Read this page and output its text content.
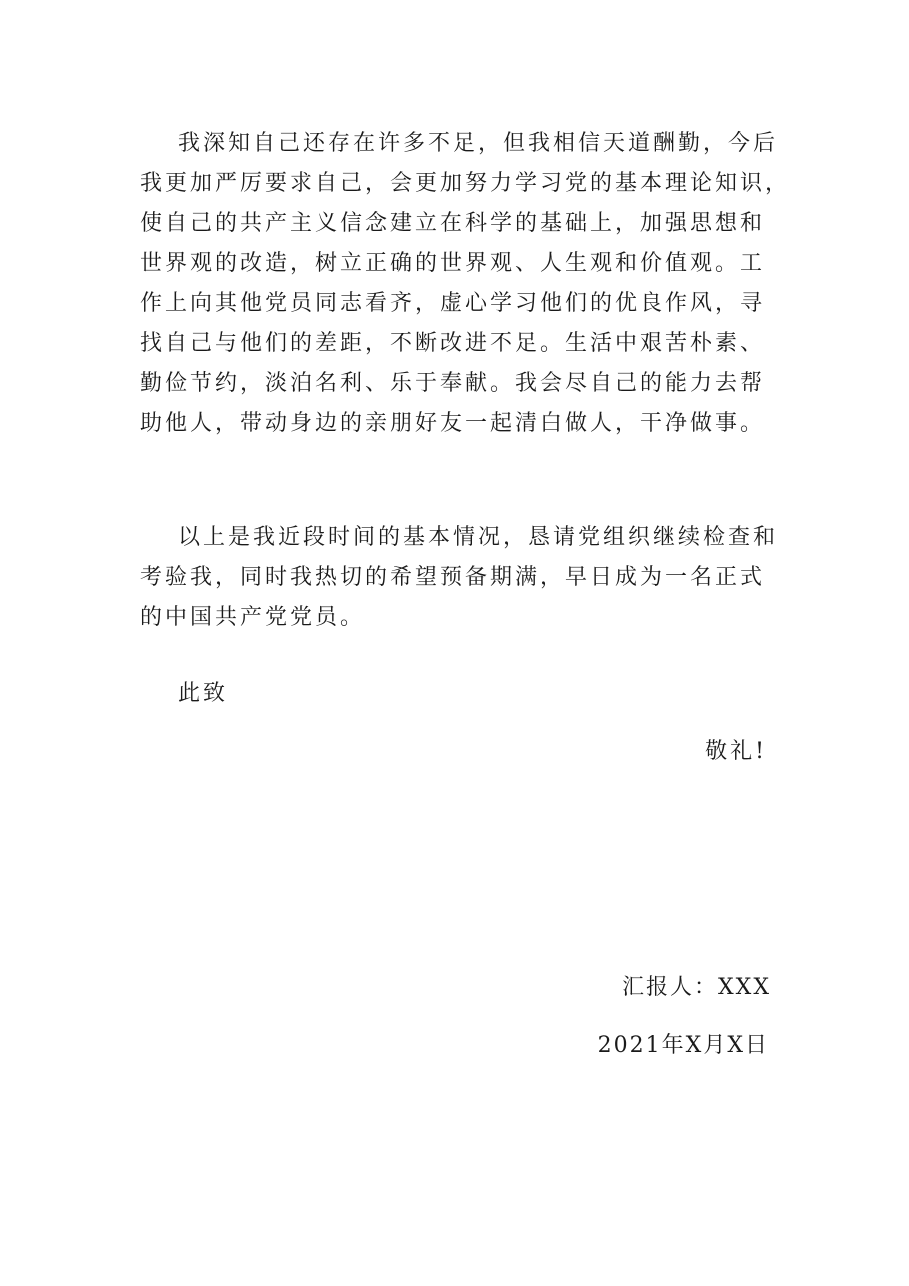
我深知自己还存在许多不足，但我相信天道酬勤，今后
我更加严厉要求自己，会更加努力学习党的基本理论知识，
使自己的共产主义信念建立在科学的基础上，加强思想和
世界观的改造，树立正确的世界观、人生观和价值观。工
作上向其他党员同志看齐，虚心学习他们的优良作风，寻
找自己与他们的差距，不断改进不足。生活中艰苦朴素、
勤俭节约，淡泊名利、乐于奉献。我会尽自己的能力去帮
助他人，带动身边的亲朋好友一起清白做人，干净做事。
以上是我近段时间的基本情况，恳请党组织继续检查和
考验我，同时我热切的希望预备期满，早日成为一名正式
的中国共产党党员。
此致
敬礼!
汇报人：XXX
2021年X月X日
